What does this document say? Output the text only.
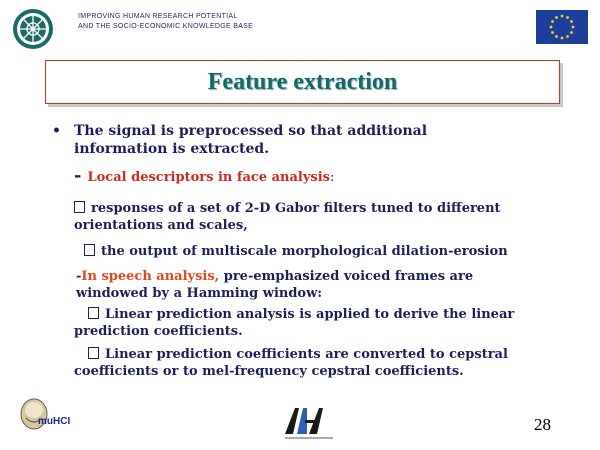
IMPROVING HUMAN RESEARCH POTENTIAL
AND THE SOCIO-ECONOMIC KNOWLEDGE BASE
Feature extraction
• The signal is preprocessed so that additional information is extracted.
- Local descriptors in face analysis:
responses of a set of 2-D Gabor filters tuned to different orientations and scales,
the output of multiscale morphological dilation-erosion
-In speech analysis, pre-emphasized voiced frames are windowed by a Hamming window:
Linear prediction analysis is applied to derive the linear prediction coefficients.
Linear prediction coefficients are converted to cepstral coefficients or to mel-frequency cepstral coefficients.
muHCI	28
